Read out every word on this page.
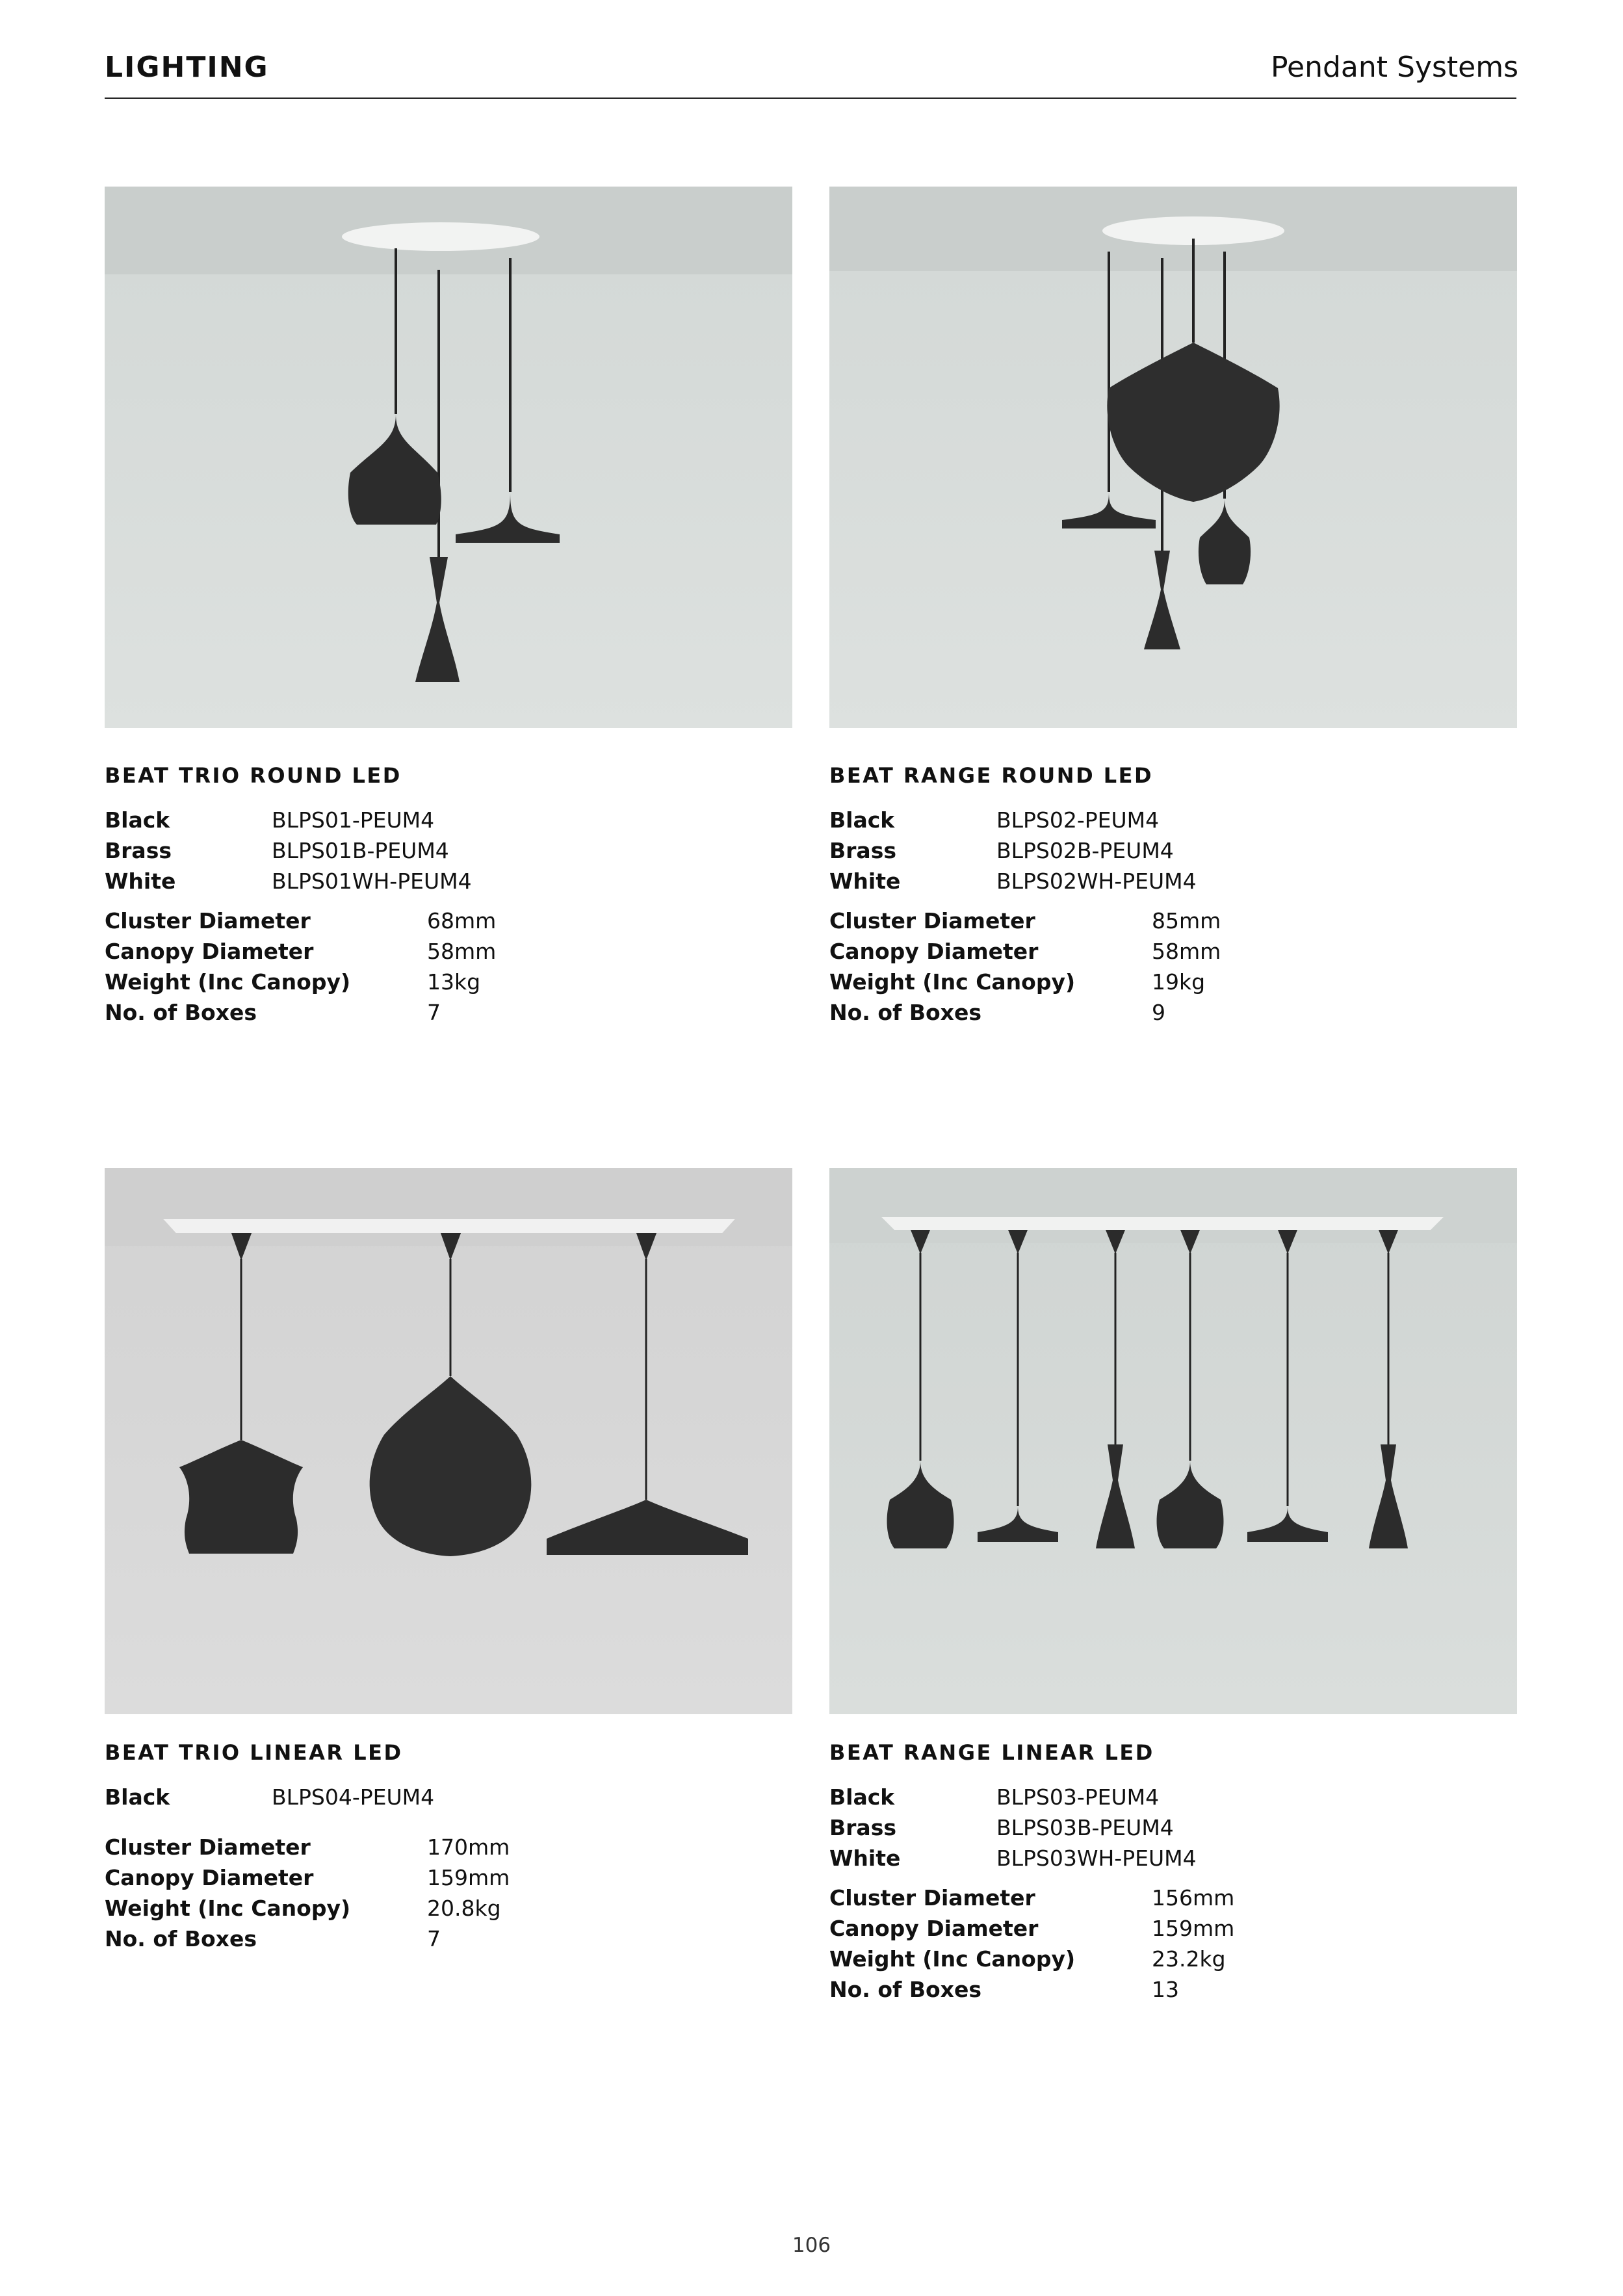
LIGHTING	Pendant Systems
BEAT TRIO ROUND LED
Black	BLPS01-PEUM4
Brass	BLPS01B-PEUM4
White	BLPS01WH-PEUM4
Cluster Diameter	68mm
Canopy Diameter	58mm
Weight (Inc Canopy)	13kg
No. of Boxes	7
BEAT RANGE ROUND LED
Black	BLPS02-PEUM4
Brass	BLPS02B-PEUM4
White	BLPS02WH-PEUM4
Cluster Diameter	85mm
Canopy Diameter	58mm
Weight (Inc Canopy)	19kg
No. of Boxes	9
BEAT TRIO LINEAR LED
Black	BLPS04-PEUM4
Cluster Diameter	170mm
Canopy Diameter	159mm
Weight (Inc Canopy)	20.8kg
No. of Boxes	7
BEAT RANGE LINEAR LED
Black	BLPS03-PEUM4
Brass	BLPS03B-PEUM4
White	BLPS03WH-PEUM4
Cluster Diameter	156mm
Canopy Diameter	159mm
Weight (Inc Canopy)	23.2kg
No. of Boxes	13
106
